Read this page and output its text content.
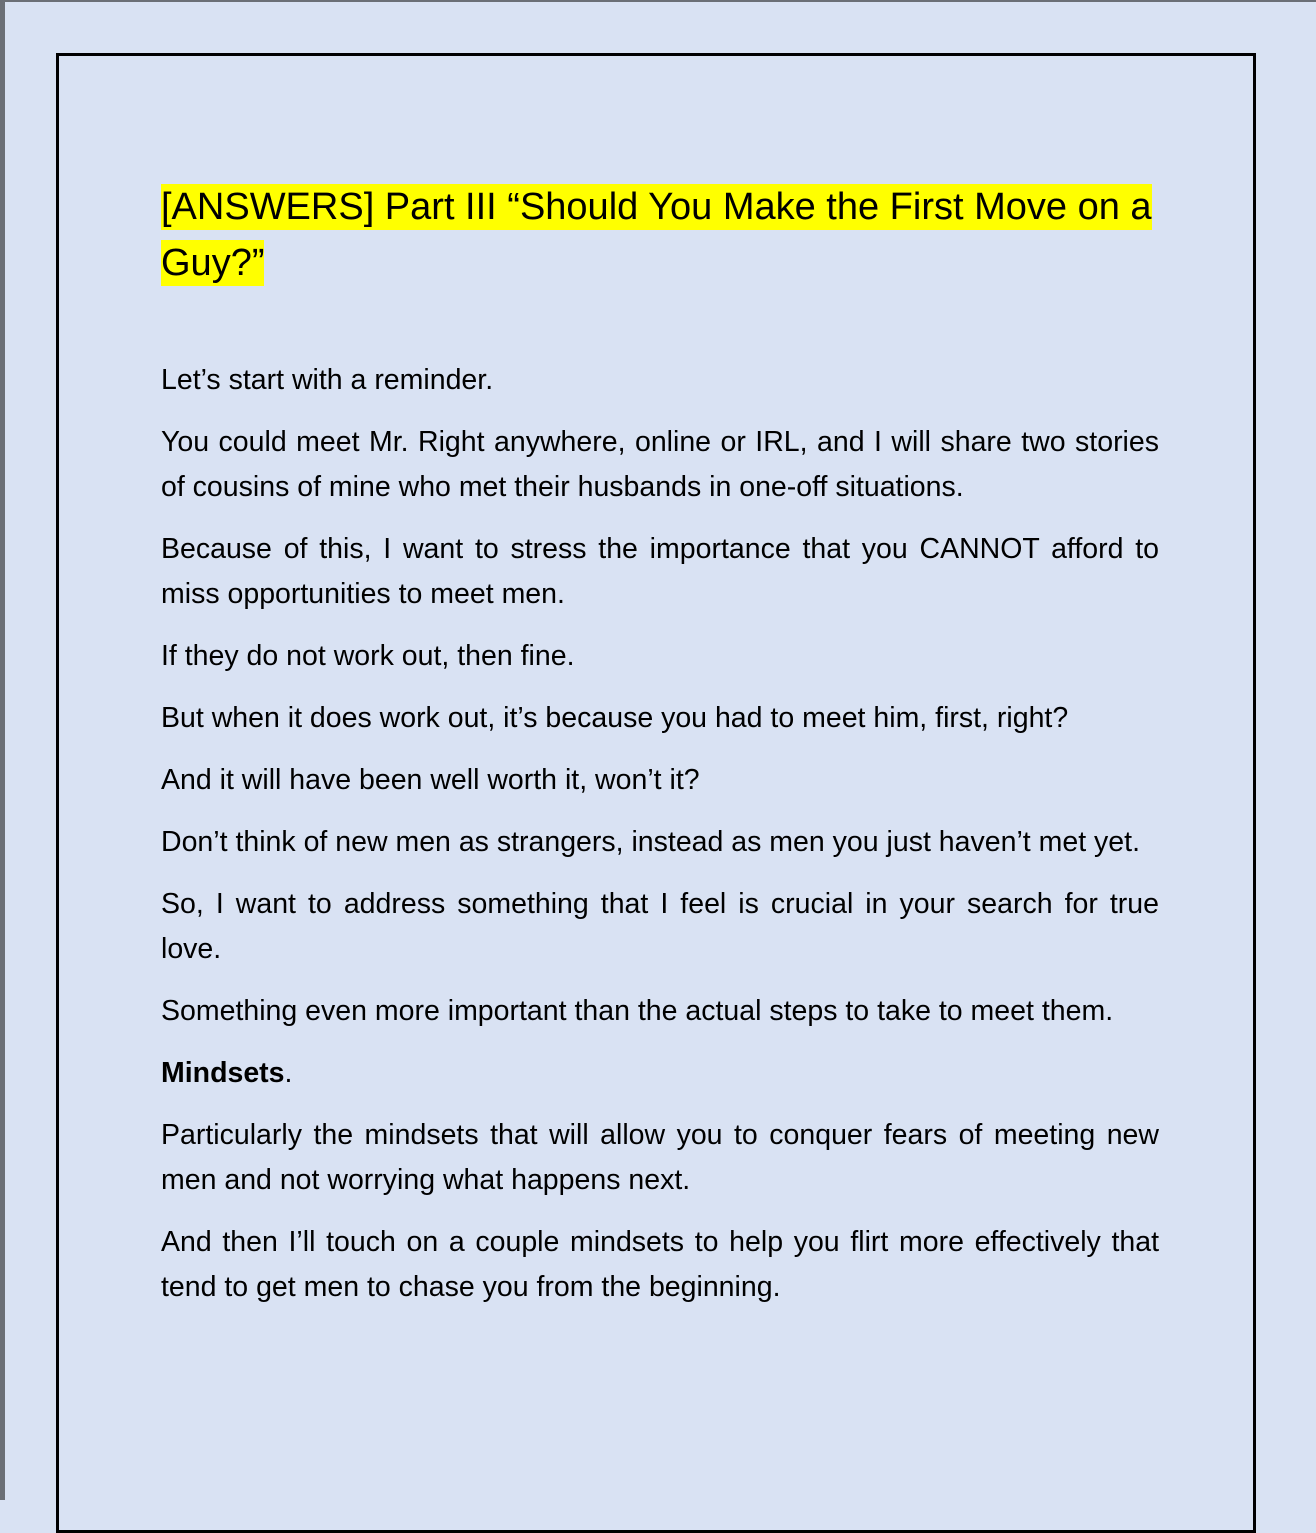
[ANSWERS] Part III “Should You Make the First Move on a Guy?”

Let’s start with a reminder.

You could meet Mr. Right anywhere, online or IRL, and I will share two stories of cousins of mine who met their husbands in one-off situations.

Because of this, I want to stress the importance that you CANNOT afford to miss opportunities to meet men.

If they do not work out, then fine.

But when it does work out, it’s because you had to meet him, first, right?

And it will have been well worth it, won’t it?

Don’t think of new men as strangers, instead as men you just haven’t met yet.

So, I want to address something that I feel is crucial in your search for true love.

Something even more important than the actual steps to take to meet them.

Mindsets.

Particularly the mindsets that will allow you to conquer fears of meeting new men and not worrying what happens next.

And then I’ll touch on a couple mindsets to help you flirt more effectively that tend to get men to chase you from the beginning.
